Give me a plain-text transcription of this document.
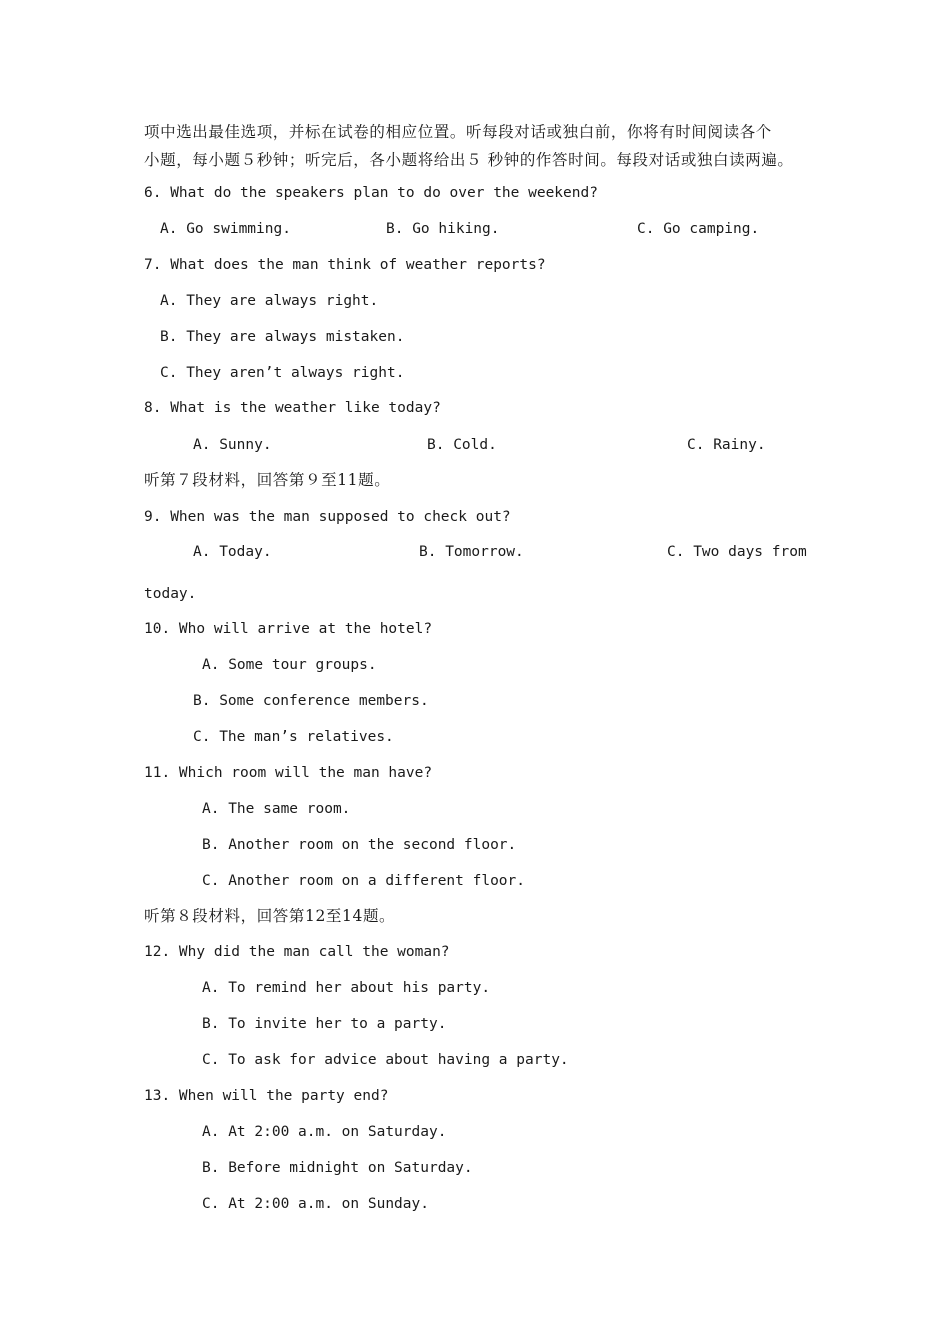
项中选出最佳选项，并标在试卷的相应位置。听每段对话或独白前，你将有时间阅读各个
小题，每小题５秒钟；听完后，各小题将给出５ 秒钟的作答时间。每段对话或独白读两遍。
6. What do the speakers plan to do over the weekend?
A. Go swimming.	B. Go hiking.	C. Go camping.
7. What does the man think of weather reports?
A. They are always right.
B. They are always mistaken.
C. They aren’t always right.
8. What is the weather like today?
A. Sunny.	B. Cold.	C. Rainy.
听第７段材料，回答第９至11题。
9. When was the man supposed to check out?
A. Today.	B. Tomorrow.	C. Two days from
today.
10. Who will arrive at the hotel?
A. Some tour groups.
B. Some conference members.
C. The man’s relatives.
11. Which room will the man have?
A. The same room.
B. Another room on the second floor.
C. Another room on a different floor.
听第８段材料，回答第12至14题。
12. Why did the man call the woman?
A. To remind her about his party.
B. To invite her to a party.
C. To ask for advice about having a party.
13. When will the party end?
A. At 2:00 a.m. on Saturday.
B. Before midnight on Saturday.
C. At 2:00 a.m. on Sunday.
